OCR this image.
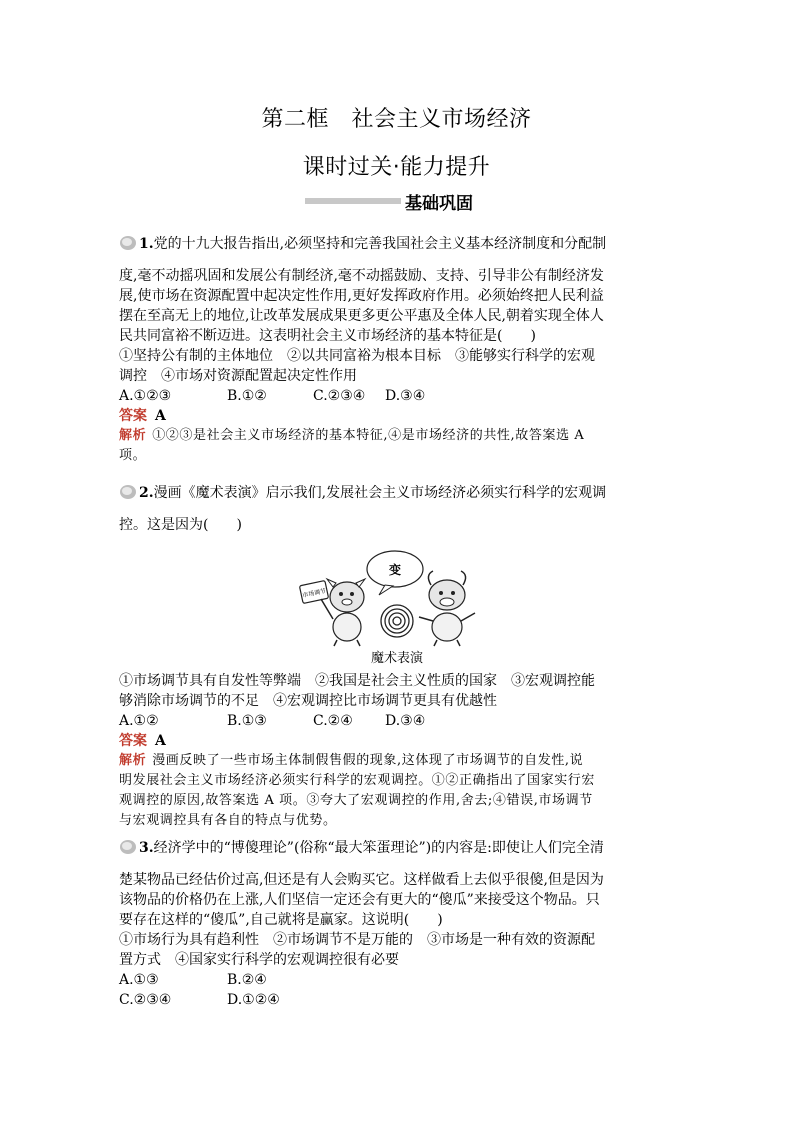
第二框　社会主义市场经济
课时过关·能力提升
基础巩固
1. 党的十九大报告指出,必须坚持和完善我国社会主义基本经济制度和分配制
度,毫不动摇巩固和发展公有制经济,毫不动摇鼓励、支持、引导非公有制经济发
展,使市场在资源配置中起决定性作用,更好发挥政府作用。必须始终把人民利益
摆在至高无上的地位,让改革发展成果更多更公平惠及全体人民,朝着实现全体人
民共同富裕不断迈进。这表明社会主义市场经济的基本特征是(　　)
①坚持公有制的主体地位　②以共同富裕为根本目标　③能够实行科学的宏观
调控　④市场对资源配置起决定性作用
A.①②③	B.①②	C.②③④	D.③④
答案 A
解析 ①②③是社会主义市场经济的基本特征,④是市场经济的共性,故答案选 A
项。
2. 漫画《魔术表演》启示我们,发展社会主义市场经济必须实行科学的宏观调
控。这是因为(　　)
变
市场调节
魔术表演
①市场调节具有自发性等弊端　②我国是社会主义性质的国家　③宏观调控能
够消除市场调节的不足　④宏观调控比市场调节更具有优越性
A.①②	B.①③	C.②④	D.③④
答案 A
解析 漫画反映了一些市场主体制假售假的现象,这体现了市场调节的自发性,说
明发展社会主义市场经济必须实行科学的宏观调控。①②正确指出了国家实行宏
观调控的原因,故答案选 A 项。③夸大了宏观调控的作用,舍去;④错误,市场调节
与宏观调控具有各自的特点与优势。
3. 经济学中的“博傻理论”(俗称“最大笨蛋理论”)的内容是:即使让人们完全清
楚某物品已经估价过高,但还是有人会购买它。这样做看上去似乎很傻,但是因为
该物品的价格仍在上涨,人们坚信一定还会有更大的“傻瓜”来接受这个物品。只
要存在这样的“傻瓜”,自己就将是赢家。这说明(　　)
①市场行为具有趋利性　②市场调节不是万能的　③市场是一种有效的资源配
置方式　④国家实行科学的宏观调控很有必要
A.①③	B.②④
C.②③④	D.①②④
